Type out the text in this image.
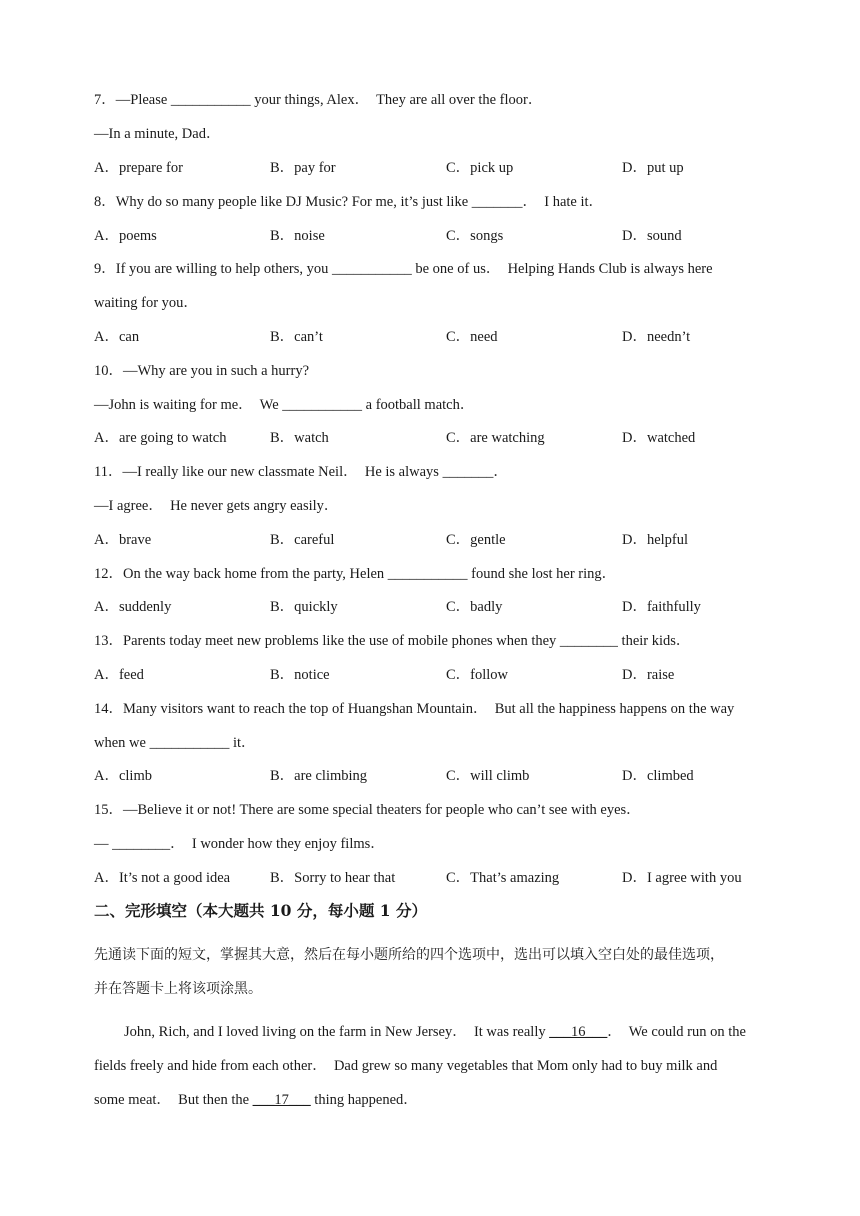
7．—Please ___________ your things, Alex．  They are all over the floor．
—In a minute, Dad．
A．prepare for	B．pay for	C．pick up	D．put up
8．Why do so many people like DJ Music? For me, it’s just like _______．  I hate it．
A．poems	B．noise	C．songs	D．sound
9．If you are willing to help others, you ___________ be one of us．  Helping Hands Club is always here
waiting for you．
A．can	B．can’t	C．need	D．needn’t
10．—Why are you in such a hurry?
—John is waiting for me．  We ___________ a football match．
A．are going to watch	B．watch	C．are watching	D．watched
11．—I really like our new classmate Neil．  He is always _______．
—I agree．  He never gets angry easily．
A．brave	B．careful	C．gentle	D．helpful
12．On the way back home from the party, Helen ___________ found she lost her ring．
A．suddenly	B．quickly	C．badly	D．faithfully
13．Parents today meet new problems like the use of mobile phones when they ________ their kids．
A．feed	B．notice	C．follow	D．raise
14．Many visitors want to reach the top of Huangshan Mountain．  But all the happiness happens on the way
when we ___________ it．
A．climb	B．are climbing	C．will climb	D．climbed
15．—Believe it or not! There are some special theaters for people who can’t see with eyes．
— ________．  I wonder how they enjoy films．
A．It’s not a good idea	B．Sorry to hear that	C．That’s amazing	D．I agree with you
二、完形填空（本大题共 10 分，每小题 1 分）
先通读下面的短文，掌握其大意，然后在每小题所给的四个选项中，选出可以填入空白处的最佳选项，
并在答题卡上将该项涂黑。
John, Rich, and I loved living on the farm in New Jersey．  It was really ___16___．  We could run on the
fields freely and hide from each other．  Dad grew so many vegetables that Mom only had to buy milk and
some meat．  But then the ___17___ thing happened．
